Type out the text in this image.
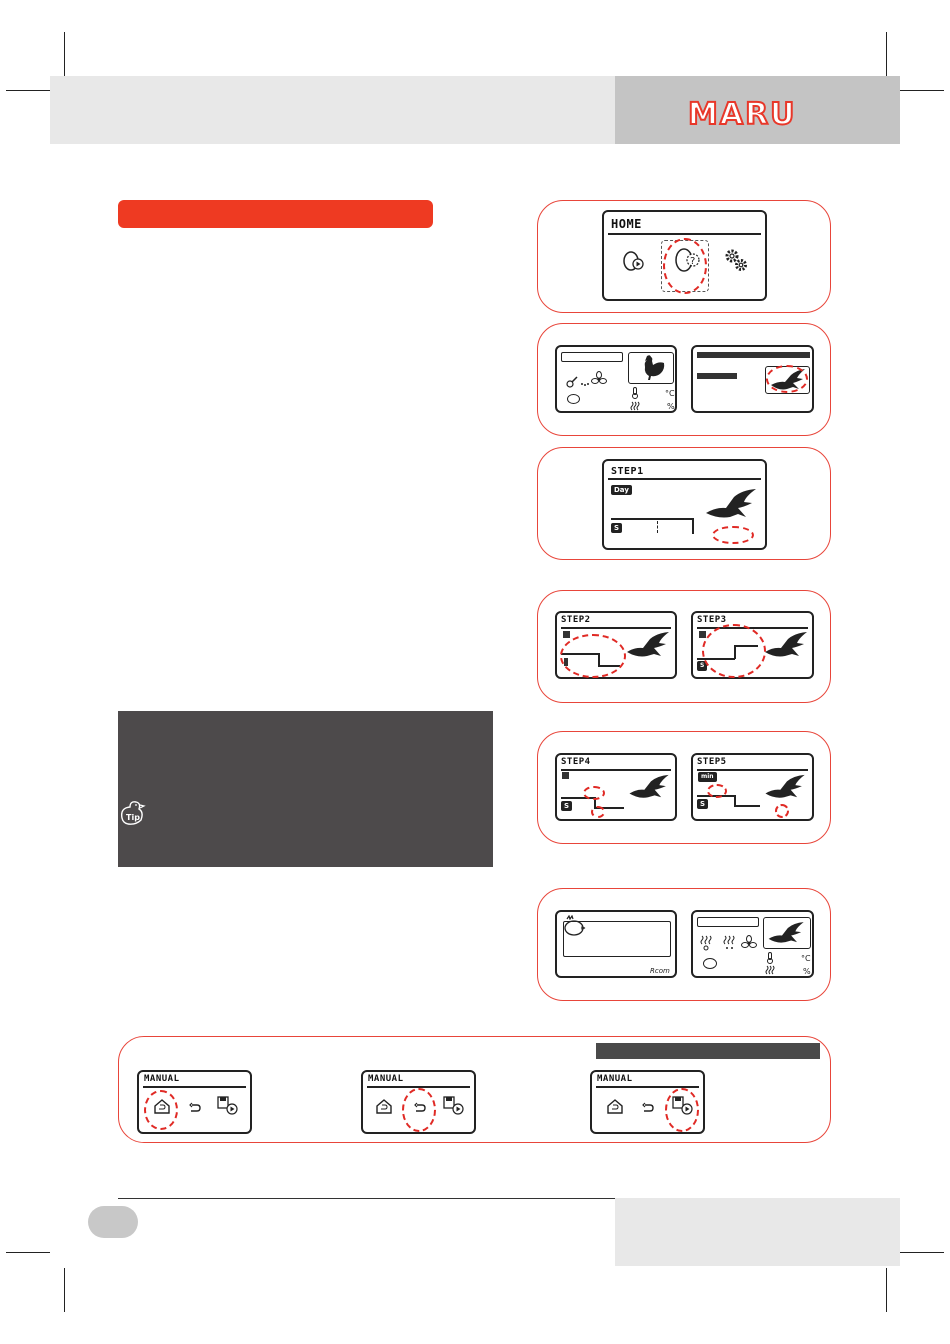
MARU
Tip
HOME
?
°C
%
STEP1
Day
S
STEP2	STEP3
S
STEP4
S
STEP5
min
S
Rcom
°C
%
MANUAL	MANUAL	MANUAL
